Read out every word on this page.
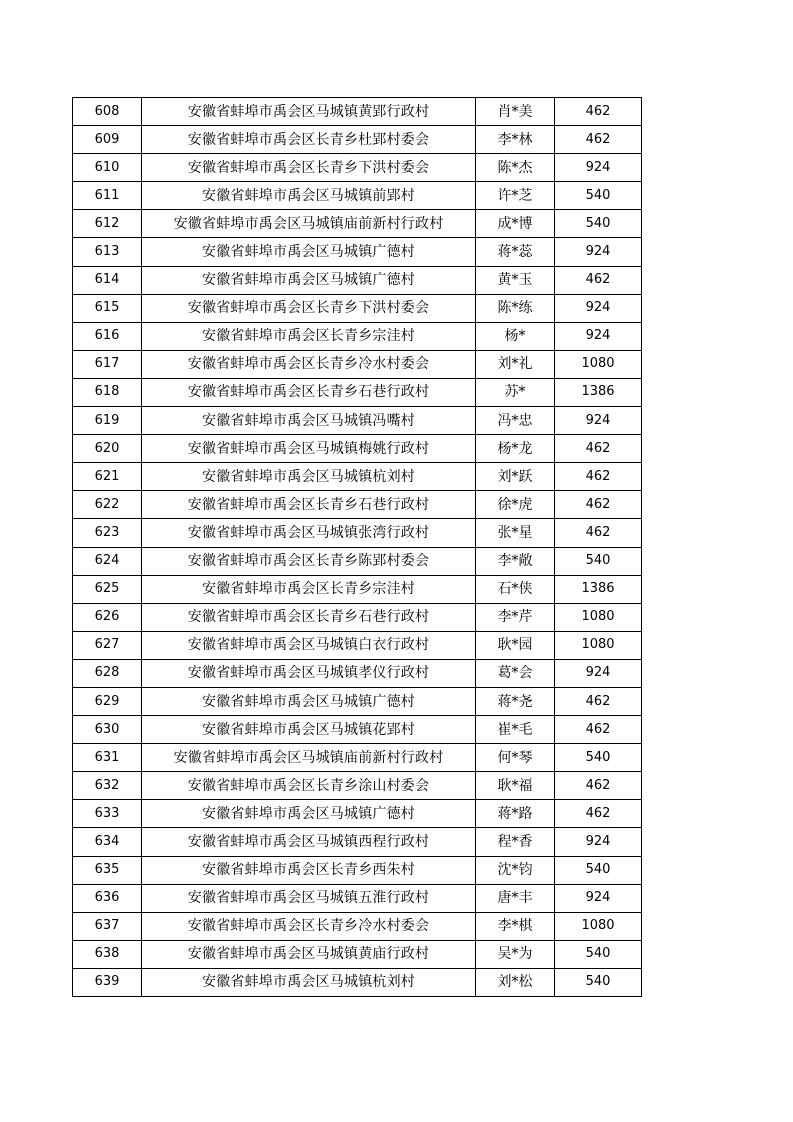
608	安徽省蚌埠市禹会区马城镇黄郢行政村	肖*美	462
609	安徽省蚌埠市禹会区长青乡杜郢村委会	李*林	462
610	安徽省蚌埠市禹会区长青乡下洪村委会	陈*杰	924
611	安徽省蚌埠市禹会区马城镇前郢村	许*芝	540
612	安徽省蚌埠市禹会区马城镇庙前新村行政村	成*博	540
613	安徽省蚌埠市禹会区马城镇广德村	蒋*蕊	924
614	安徽省蚌埠市禹会区马城镇广德村	黄*玉	462
615	安徽省蚌埠市禹会区长青乡下洪村委会	陈*练	924
616	安徽省蚌埠市禹会区长青乡宗洼村	杨*	924
617	安徽省蚌埠市禹会区长青乡冷水村委会	刘*礼	1080
618	安徽省蚌埠市禹会区长青乡石巷行政村	苏*	1386
619	安徽省蚌埠市禹会区马城镇冯嘴村	冯*忠	924
620	安徽省蚌埠市禹会区马城镇梅姚行政村	杨*龙	462
621	安徽省蚌埠市禹会区马城镇杭刘村	刘*跃	462
622	安徽省蚌埠市禹会区长青乡石巷行政村	徐*虎	462
623	安徽省蚌埠市禹会区马城镇张湾行政村	张*星	462
624	安徽省蚌埠市禹会区长青乡陈郢村委会	李*敞	540
625	安徽省蚌埠市禹会区长青乡宗洼村	石*侠	1386
626	安徽省蚌埠市禹会区长青乡石巷行政村	李*芹	1080
627	安徽省蚌埠市禹会区马城镇白衣行政村	耿*园	1080
628	安徽省蚌埠市禹会区马城镇孝仪行政村	葛*会	924
629	安徽省蚌埠市禹会区马城镇广德村	蒋*尧	462
630	安徽省蚌埠市禹会区马城镇花郢村	崔*毛	462
631	安徽省蚌埠市禹会区马城镇庙前新村行政村	何*琴	540
632	安徽省蚌埠市禹会区长青乡涂山村委会	耿*福	462
633	安徽省蚌埠市禹会区马城镇广德村	蒋*路	462
634	安徽省蚌埠市禹会区马城镇西程行政村	程*香	924
635	安徽省蚌埠市禹会区长青乡西朱村	沈*钧	540
636	安徽省蚌埠市禹会区马城镇五淮行政村	唐*丰	924
637	安徽省蚌埠市禹会区长青乡冷水村委会	李*棋	1080
638	安徽省蚌埠市禹会区马城镇黄庙行政村	吴*为	540
639	安徽省蚌埠市禹会区马城镇杭刘村	刘*松	540
